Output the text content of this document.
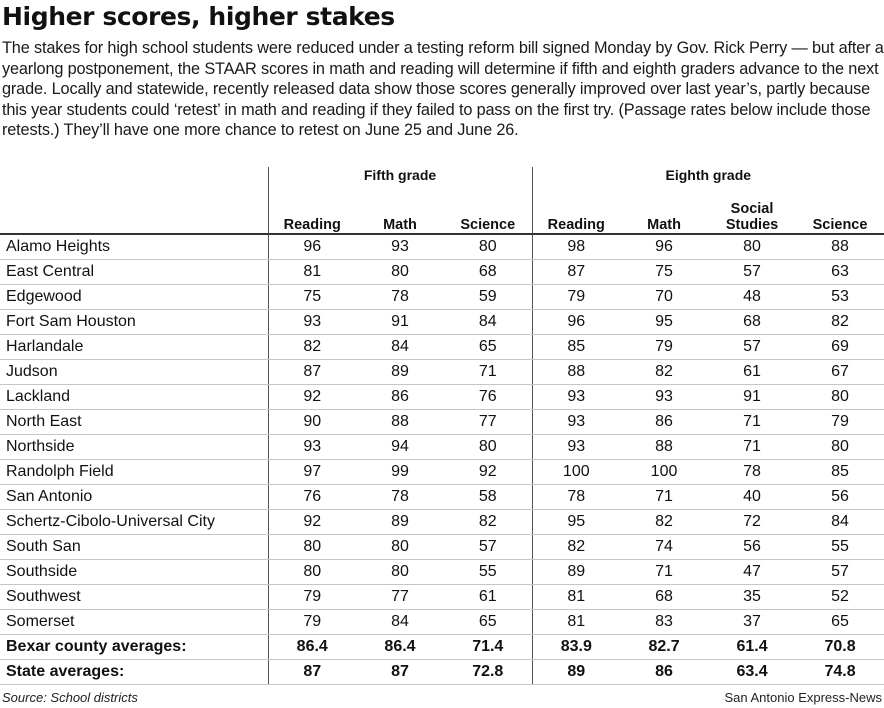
Higher scores, higher stakes

The stakes for high school students were reduced under a testing reform bill signed Monday by Gov. Rick Perry — but after a yearlong postponement, the STAAR scores in math and reading will determine if fifth and eighth graders advance to the next grade. Locally and statewide, recently released data show those scores generally improved over last year’s, partly because this year students could ‘retest’ in math and reading if they failed to pass on the first try. (Passage rates below include those retests.) They’ll have one more chance to retest on June 25 and June 26.

	Fifth grade			Eighth grade			
	Reading	Math	Science	Reading	Math	Social Studies	Science
Alamo Heights	96	93	80	98	96	80	88
East Central	81	80	68	87	75	57	63
Edgewood	75	78	59	79	70	48	53
Fort Sam Houston	93	91	84	96	95	68	82
Harlandale	82	84	65	85	79	57	69
Judson	87	89	71	88	82	61	67
Lackland	92	86	76	93	93	91	80
North East	90	88	77	93	86	71	79
Northside	93	94	80	93	88	71	80
Randolph Field	97	99	92	100	100	78	85
San Antonio	76	78	58	78	71	40	56
Schertz-Cibolo-Universal City	92	89	82	95	82	72	84
South San	80	80	57	82	74	56	55
Southside	80	80	55	89	71	47	57
Southwest	79	77	61	81	68	35	52
Somerset	79	84	65	81	83	37	65
Bexar county averages:	86.4	86.4	71.4	83.9	82.7	61.4	70.8
State averages:	87	87	72.8	89	86	63.4	74.8
Source: School districts	San Antonio Express-News
